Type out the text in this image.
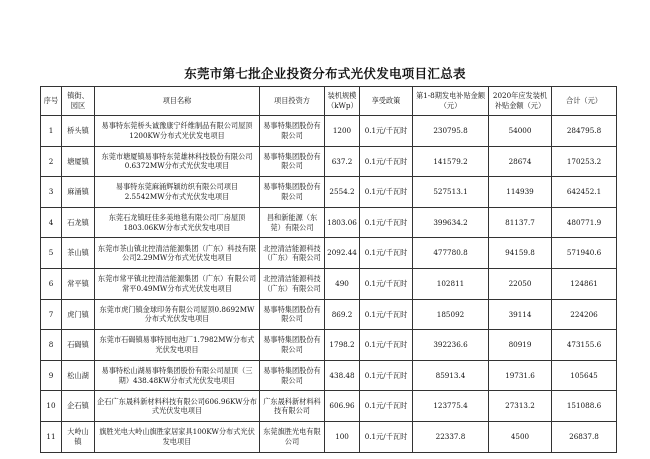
东莞市第七批企业投资分布式光伏发电项目汇总表
序号	镇街、园区	项目名称	项目投资方	装机规模（kWp）	享受政策	第1-8期发电补贴金额（元）	2020年应发装机补贴金额（元）	合计（元）
1	桥头镇	易事特东莞桥头诚豫康宁纤维制品有限公司屋顶1200KW分布式光伏发电项目	易事特集团股份有限公司	1200	0.1元/千瓦时	230795.8	54000	284795.8
2	塘厦镇	东莞市塘厦镇易事特东莞雄林科技股份有限公司0.6372MW分布式光伏发电项目	易事特集团股份有限公司	637.2	0.1元/千瓦时	141579.2	28674	170253.2
3	麻涌镇	易事特东莞麻涌辉颖纺织有限公司项目2.5542MW分布式光伏发电项目	易事特集团股份有限公司	2554.2	0.1元/千瓦时	527513.1	114939	642452.1
4	石龙镇	东莞石龙镇旺佳多美地毯有限公司厂房屋顶1803.06KW分布式光伏发电项目	昌和新能源（东莞）有限公司	1803.06	0.1元/千瓦时	399634.2	81137.7	480771.9
5	茶山镇	东莞市茶山镇北控清洁能源集团（广东）科技有限公司2.29MW分布式光伏发电项目	北控清洁能源科技（广东）有限公司	2092.44	0.1元/千瓦时	477780.8	94159.8	571940.6
6	常平镇	东莞市常平镇北控清洁能源集团（广东）有限公司常平0.49MW分布式光伏发电项目	北控清洁能源科技（广东）有限公司	490	0.1元/千瓦时	102811	22050	124861
7	虎门镇	东莞市虎门镇金球印务有限公司屋顶0.8692MW分布式光伏发电项目	易事特集团股份有限公司	869.2	0.1元/千瓦时	185092	39114	224206
8	石碣镇	东莞市石碣镇易事特园电池厂1.7982MW分布式光伏发电项目	易事特集团股份有限公司	1798.2	0.1元/千瓦时	392236.6	80919	473155.6
9	松山湖	易事特松山湖易事特集团股份有限公司屋顶（三期）438.48KW分布式光伏发电项目	易事特集团股份有限公司	438.48	0.1元/千瓦时	85913.4	19731.6	105645
10	企石镇	企石广东晟科新材料科技有限公司606.96KW分布式光伏发电项目	广东晟科新材料科技有限公司	606.96	0.1元/千瓦时	123775.4	27313.2	151088.6
11	大岭山镇	旗胜光电大岭山旗胜家居家具100KW分布式光伏发电项目	东莞旗胜光电有限公司	100	0.1元/千瓦时	22337.8	4500	26837.8
